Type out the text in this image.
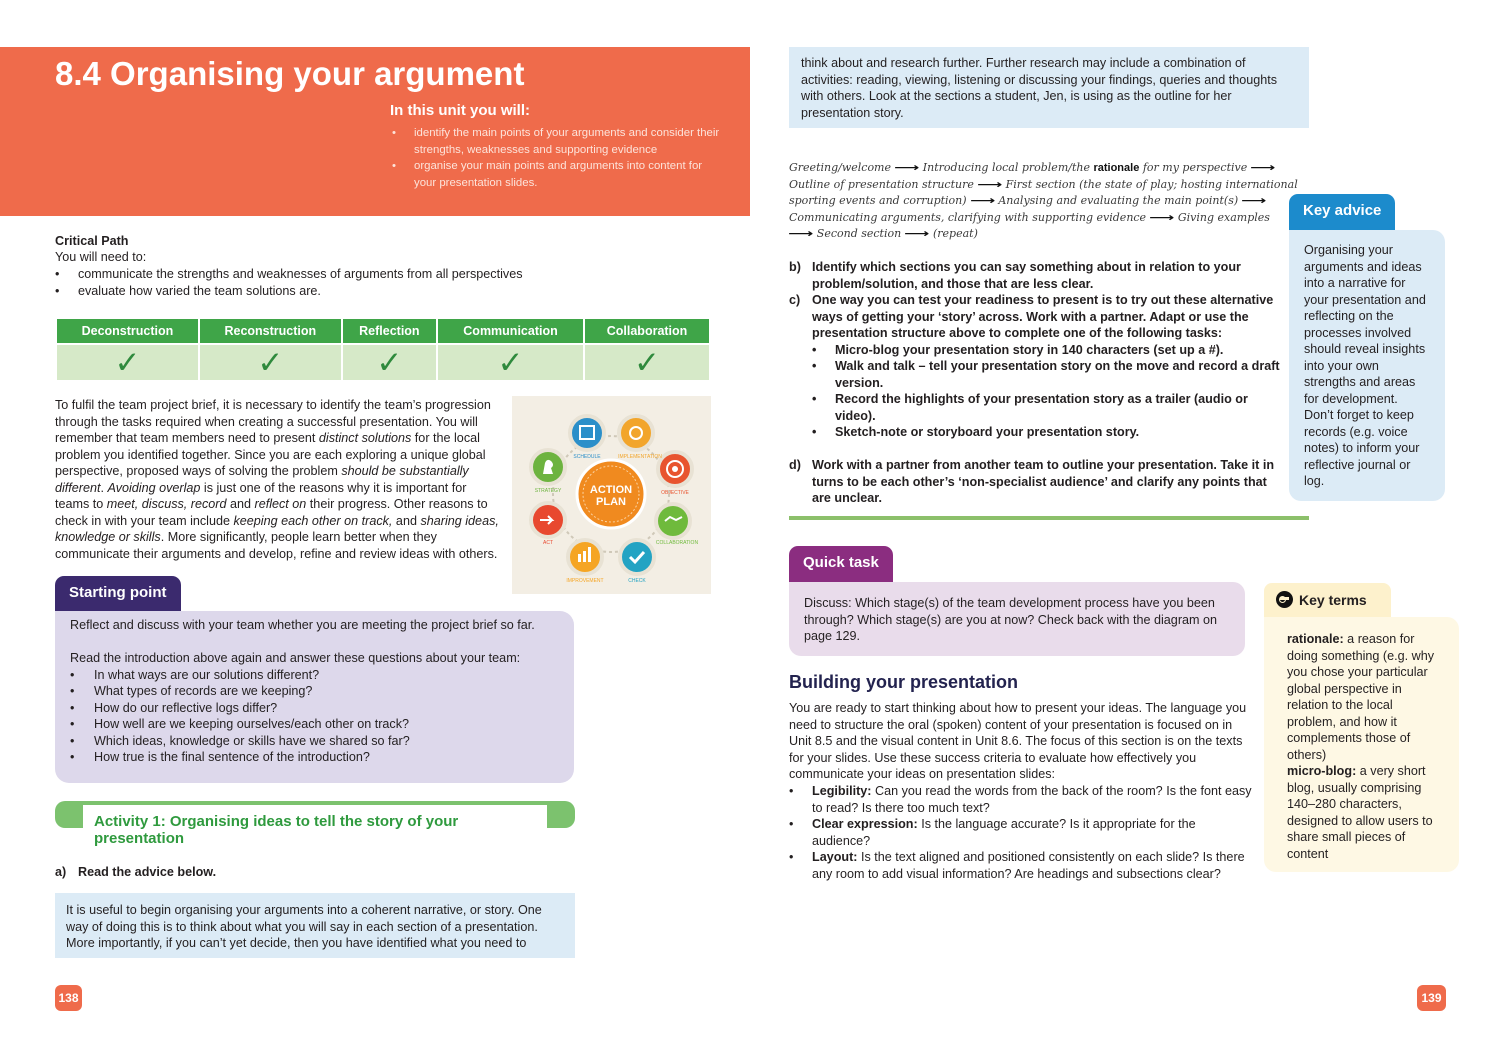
8.4 Organising your argument
In this unit you will:
• identify the main points of your arguments and consider their strengths, weaknesses and supporting evidence
• organise your main points and arguments into content for your presentation slides.
Critical Path
You will need to:
• communicate the strengths and weaknesses of arguments from all perspectives
• evaluate how varied the team solutions are.
Deconstruction	Reconstruction	Reflection	Communication	Collaboration
✓	✓	✓	✓	✓
To fulfil the team project brief, it is necessary to identify the team’s progression through the tasks required when creating a successful presentation. You will remember that team members need to present distinct solutions for the local problem you identified together. Since you are each exploring a unique global perspective, proposed ways of solving the problem should be substantially different. Avoiding overlap is just one of the reasons why it is important for teams to meet, discuss, record and reflect on their progress. Other reasons to check in with your team include keeping each other on track, and sharing ideas, knowledge or skills. More significantly, people learn better when they communicate their arguments and develop, refine and review ideas with others.
ACTION
PLAN
SCHEDULE	IMPLEMENTATION
OBJECTIVE
COLLABORATION
CHECK
IMPROVEMENT
ACT
STRATEGY
Starting point

Reflect and discuss with your team whether you are meeting the project brief so far.

Read the introduction above again and answer these questions about your team:
• In what ways are our solutions different?
• What types of records are we keeping?
• How do our reflective logs differ?
• How well are we keeping ourselves/each other on track?
• Which ideas, knowledge or skills have we shared so far?
• How true is the final sentence of the introduction?
Activity 1: Organising ideas to tell the story of your presentation
a) Read the advice below.
It is useful to begin organising your arguments into a coherent narrative, or story. One way of doing this is to think about what you will say in each section of a presentation. More importantly, if you can’t yet decide, then you have identified what you need to
138
think about and research further. Further research may include a combination of activities: reading, viewing, listening or discussing your findings, queries and thoughts with others. Look at the sections a student, Jen, is using as the outline for her presentation story.
Greeting/welcome ⟶ Introducing local problem/the rationale for my perspective ⟶
Outline of presentation structure ⟶ First section (the state of play; hosting international sporting events and corruption) ⟶ Analysing and evaluating the main point(s) ⟶
Communicating arguments, clarifying with supporting evidence ⟶ Giving examples
⟶ Second section ⟶ (repeat)
b) Identify which sections you can say something about in relation to your problem/solution, and those that are less clear.
c) One way you can test your readiness to present is to try out these alternative ways of getting your ‘story’ across. Work with a partner. Adapt or use the presentation structure above to complete one of the following tasks:
• Micro-blog your presentation story in 140 characters (set up a #).
• Walk and talk – tell your presentation story on the move and record a draft version.
• Record the highlights of your presentation story as a trailer (audio or video).
• Sketch-note or storyboard your presentation story.
d) Work with a partner from another team to outline your presentation. Take it in turns to be each other’s ‘non-specialist audience’ and clarify any points that are unclear.
Key advice
Organising your arguments and ideas into a narrative for your presentation and reflecting on the processes involved should reveal insights into your own strengths and areas for development. Don’t forget to keep records (e.g. voice notes) to inform your reflective journal or log.
Quick task
Discuss: Which stage(s) of the team development process have you been through? Which stage(s) are you at now? Check back with the diagram on page 129.
Key terms
rationale: a reason for doing something (e.g. why you chose your particular global perspective in relation to the local problem, and how it complements those of others)
micro-blog: a very short blog, usually comprising 140–280 characters, designed to allow users to share small pieces of content
Building your presentation
You are ready to start thinking about how to present your ideas. The language you need to structure the oral (spoken) content of your presentation is focused on in Unit 8.5 and the visual content in Unit 8.6. The focus of this section is on the texts for your slides. Use these success criteria to evaluate how effectively you communicate your ideas on presentation slides:
• Legibility: Can you read the words from the back of the room? Is the font easy to read? Is there too much text?
• Clear expression: Is the language accurate? Is it appropriate for the audience?
• Layout: Is the text aligned and positioned consistently on each slide? Is there any room to add visual information? Are headings and subsections clear?
139
